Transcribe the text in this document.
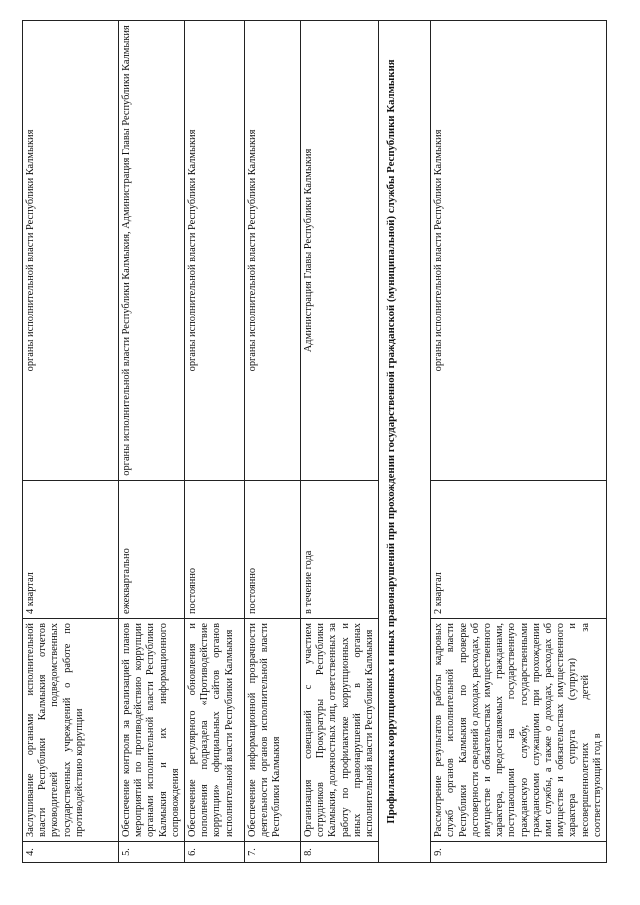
4.	Заслушивание органами исполнительной власти Республики Калмыкия отчетов руководителей подведомственных государственных учреждений о работе по противодействию коррупции	4 квартал	органы исполнительной власти Республики Калмыкия
5.	Обеспечение контроля за реализацией планов мероприятий по противодействию коррупции органами исполнительной власти Республики Калмыкия и их информационного сопровождения	ежеквартально	органы исполнительной власти Республики Калмыкия, Администрация Главы Республики Калмыкия
6.	Обеспечение регулярного обновления и пополнения подраздела «Противодействие коррупции» официальных сайтов органов исполнительной власти Республики Калмыкия	постоянно	органы исполнительной власти Республики Калмыкия
7.	Обеспечение информационной прозрачности деятельности органов исполнительной власти Республики Калмыкия	постоянно	органы исполнительной власти Республики Калмыкия
8.	Организация совещаний с участием сотрудников Прокуратуры Республики Калмыкия, должностных лиц, ответственных за работу по профилактике коррупционных и иных правонарушений в органах исполнительной власти Республики Калмыкия	в течение года	Администрация Главы Республики Калмыкия
Профилактика коррупционных и иных правонарушений при прохождении государственной гражданской (муниципальной) службы Республики Калмыкия			
9.	Рассмотрение результатов работы кадровых служб органов исполнительной власти Республики Калмыкия по проверке достоверности сведений о доходах, расходах, об имуществе и обязательствах имущественного характера, предоставляемых гражданами, поступающими на государственную гражданскую службу, государственными гражданскими служащими при прохождении ими службы, а также о доходах, расходах об имуществе и обязательствах имущественного характера супруга (супруги) и несовершеннолетних детей за соответствующий год в	2 квартал	органы исполнительной власти Республики Калмыкия
